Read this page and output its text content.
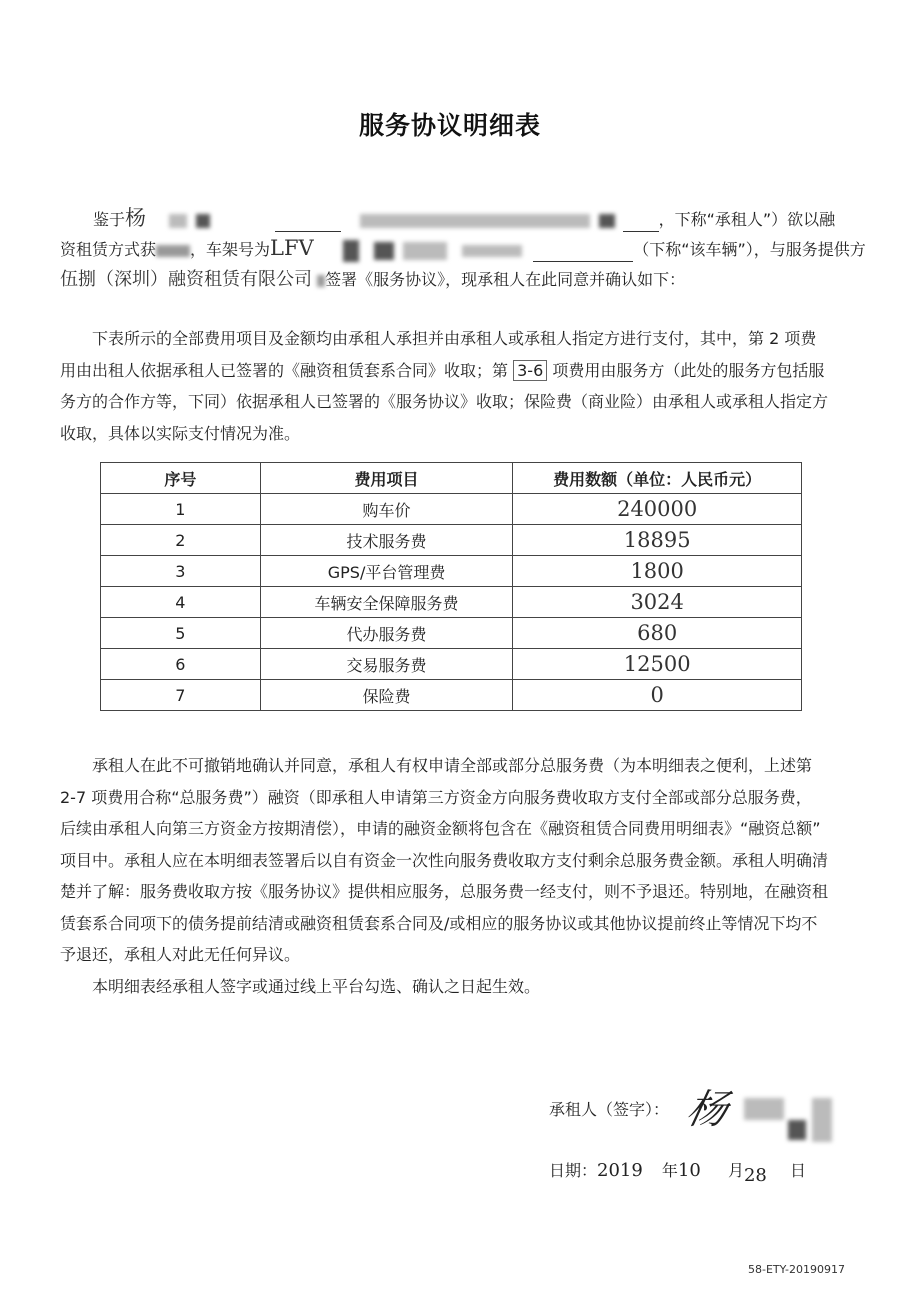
服务协议明细表
鉴于杨	，下称“承租人”）欲以融
资租赁方式获 ，车架号为LFV	（下称“该车辆”），与服务提供方
伍捌（深圳）融资租赁有限公司 签署《服务协议》，现承租人在此同意并确认如下：

下表所示的全部费用项目及金额均由承租人承担并由承租人或承租人指定方进行支付，其中，第 2 项费

用由出租人依据承租人已签署的《融资租赁套系合同》收取；第 3-6 项费用由服务方（此处的服务方包括服

务方的合作方等，下同）依据承租人已签署的《服务协议》收取；保险费（商业险）由承租人或承租人指定方

收取，具体以实际支付情况为准。

序号	费用项目	费用数额（单位：人民币元）
1	购车价	240000
2	技术服务费	18895
3	GPS/平台管理费	1800
4	车辆安全保障服务费	3024
5	代办服务费	680
6	交易服务费	12500
7	保险费	0

承租人在此不可撤销地确认并同意，承租人有权申请全部或部分总服务费（为本明细表之便利，上述第

2-7 项费用合称“总服务费”）融资（即承租人申请第三方资金方向服务费收取方支付全部或部分总服务费，

后续由承租人向第三方资金方按期清偿），申请的融资金额将包含在《融资租赁合同费用明细表》“融资总额”

项目中。承租人应在本明细表签署后以自有资金一次性向服务费收取方支付剩余总服务费金额。承租人明确清

楚并了解：服务费收取方按《服务协议》提供相应服务，总服务费一经支付，则不予退还。特别地，在融资租

赁套系合同项下的债务提前结清或融资租赁套系合同及/或相应的服务协议或其他协议提前终止等情况下均不

予退还，承租人对此无任何异议。

本明细表经承租人签字或通过线上平台勾选、确认之日起生效。

承租人（签字）： 杨
日期：2019 年10 月28 日
58-ETY-20190917
